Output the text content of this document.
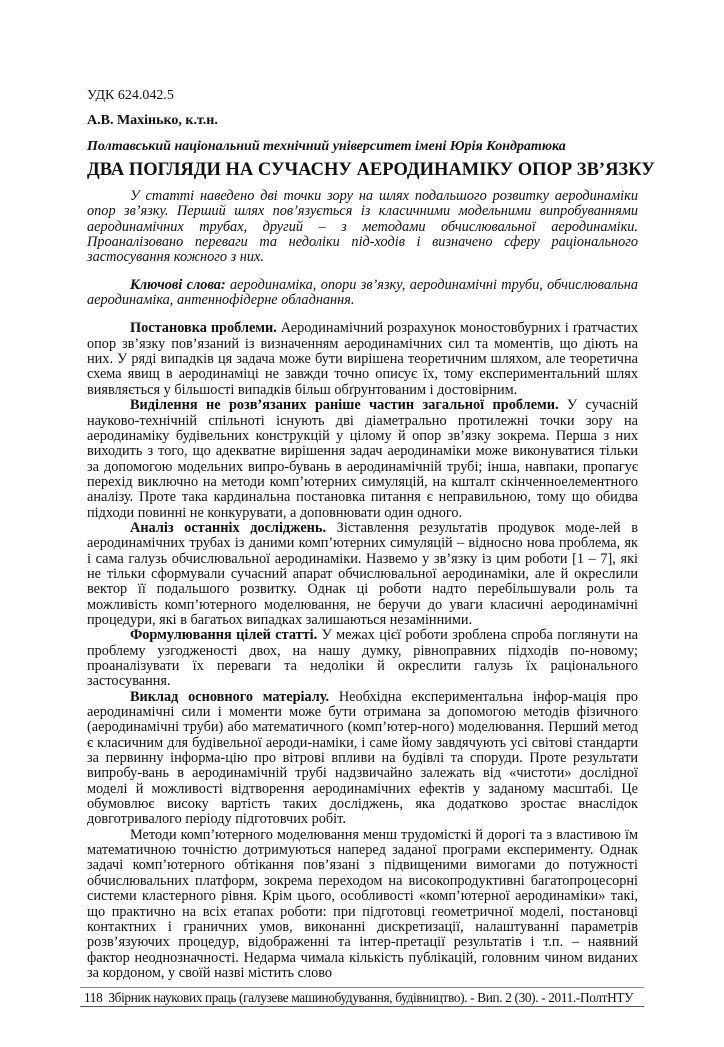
УДК 624.042.5

А.В. Махінько, к.т.н.

Полтавський національний технічний університет імені Юрія Кондратюка

ДВА ПОГЛЯДИ НА СУЧАСНУ АЕРОДИНАМІКУ ОПОР ЗВ’ЯЗКУ

У статті наведено дві точки зору на шлях подальшого розвитку аеродинаміки опор зв’язку. Перший шлях пов’язується із класичними модельними випробуваннями аеродинамічних трубах, другий – з методами обчислювальної аеродинаміки. Проаналізовано переваги та недоліки під-ходів і визначено сферу раціонального застосування кожного з них.

Ключові слова: аеродинаміка, опори зв’язку, аеродинамічні труби, обчислювальна аеродинаміка, антеннофідерне обладнання.

Постановка проблеми. Аеродинамічний розрахунок моностовбурних і ґратчастих опор зв’язку пов’язаний із визначенням аеродинамічних сил та моментів, що діють на них. У ряді випадків ця задача може бути вирішена теоретичним шляхом, але теоретична схема явищ в аеродинаміці не завжди точно описує їх, тому експериментальний шлях виявляється у більшості випадків більш обґрунтованим і достовірним.

Виділення не розв’язаних раніше частин загальної проблеми. У сучасній науково-технічній спільноті існують дві діаметрально протилежні точки зору на аеродинаміку будівельних конструкцій у цілому й опор зв’язку зокрема. Перша з них виходить з того, що адекватне вирішення задач аеродинаміки може виконуватися тільки за допомогою модельних випро-бувань в аеродинамічній трубі; інша, навпаки, пропагує перехід виключно на методи комп’ютерних симуляцій, на кшталт скінченноелементного аналізу. Проте така кардинальна постановка питання є неправильною, тому що обидва підходи повинні не конкурувати, а доповнювати один одного.

Аналіз останніх досліджень. Зіставлення результатів продувок моде-лей в аеродинамічних трубах із даними комп’ютерних симуляцій – відносно нова проблема, як і сама галузь обчислювальної аеродинаміки. Назвемо у зв’язку із цим роботи [1 – 7], які не тільки сформували сучасний апарат обчислювальної аеродинаміки, але й окреслили вектор її подальшого розвитку. Однак ці роботи надто перебільшували роль та можливість комп’ютерного моделювання, не беручи до уваги класичні аеродинамічні процедури, які в багатьох випадках залишаються незамінними.

Формулювання цілей статті. У межах цієї роботи зроблена спроба поглянути на проблему узгодженості двох, на нашу думку, рівноправних підходів по-новому; проаналізувати їх переваги та недоліки й окреслити галузь їх раціонального застосування.

Виклад основного матеріалу. Необхідна експериментальна інфор-мація про аеродинамічні сили і моменти може бути отримана за допомогою методів фізичного (аеродинамічні труби) або математичного (комп’ютер-ного) моделювання. Перший метод є класичним для будівельної аероди-наміки, і саме йому завдячують усі світові стандарти за первинну інформа-цію про вітрові впливи на будівлі та споруди. Проте результати випробу-вань в аеродинамічній трубі надзвичайно залежать від «чистоти» дослідної моделі й можливості відтворення аеродинамічних ефектів у заданому масштабі. Це обумовлює високу вартість таких досліджень, яка додатково зростає внаслідок довготривалого періоду підготовчих робіт.

Методи комп’ютерного моделювання менш трудомісткі й дорогі та з властивою їм математичною точністю дотримуються наперед заданої програми експерименту. Однак задачі комп’ютерного обтікання пов’язані з підвищеними вимогами до потужності обчислювальних платформ, зокрема переходом на високопродуктивні багатопроцесорні системи кластерного рівня. Крім цього, особливості «комп’ютерної аеродинаміки» такі, що практично на всіх етапах роботи: при підготовці геометричної моделі, постановці контактних і граничних умов, виконанні дискретизації, налаштуванні параметрів розв’язуючих процедур, відображенні та інтер-претації результатів і т.п. – наявний фактор неоднозначності. Недарма чимала кількість публікацій, головним чином виданих за кордоном, у своїй назві містить слово

118 Збірник наукових праць (галузеве машинобудування, будівництво). - Вип. 2 (30). - 2011.-ПолтНТУ
